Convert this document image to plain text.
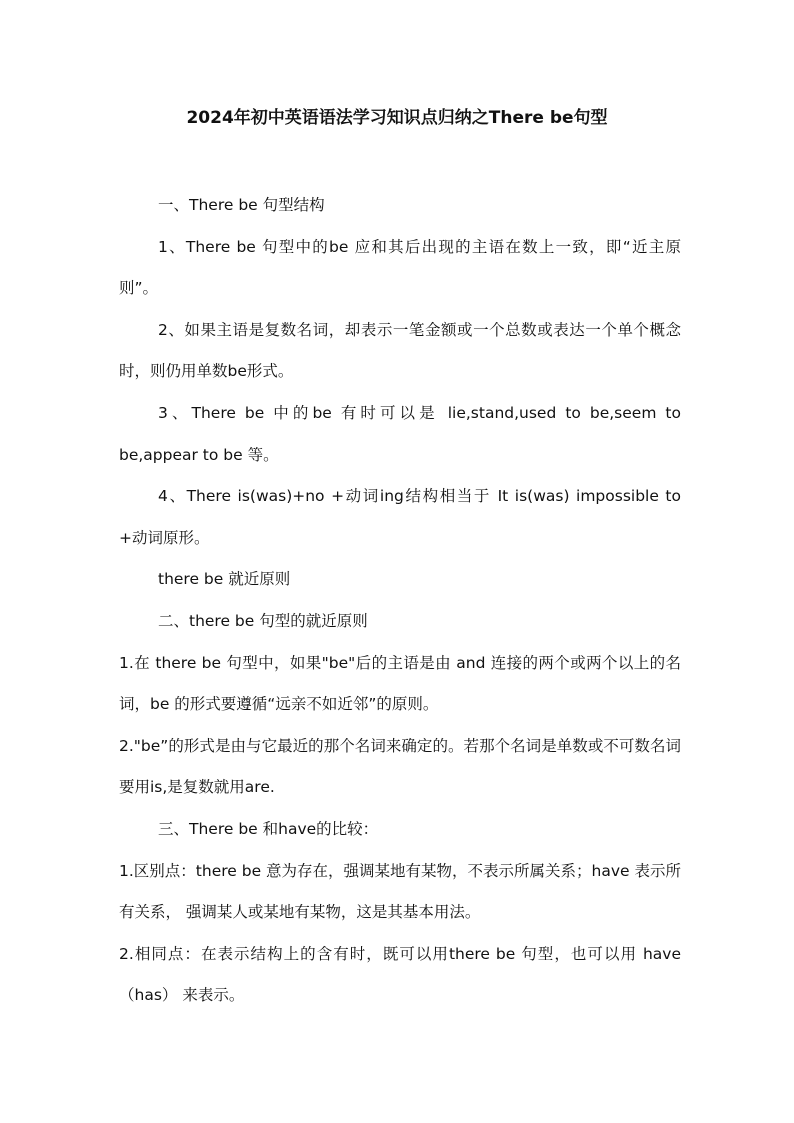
2024年初中英语语法学习知识点归纳之There be句型

一、There be 句型结构

1、There be 句型中的be 应和其后出现的主语在数上一致，即“近主原则”。

2、如果主语是复数名词，却表示一笔金额或一个总数或表达一个单个概念时，则仍用单数be形式。

3、There be 中的be 有时可以是 lie,stand,used to be,seem to be,appear to be 等。

4、There is(was)+no +动词ing结构相当于 It is(was) impossible to +动词原形。

there be 就近原则

二、there be 句型的就近原则

1.在 there be 句型中，如果"be"后的主语是由 and 连接的两个或两个以上的名词，be 的形式要遵循“远亲不如近邻”的原则。

2."be”的形式是由与它最近的那个名词来确定的。若那个名词是单数或不可数名词要用is,是复数就用are.

三、There be 和have的比较：

1.区别点：there be 意为存在，强调某地有某物，不表示所属关系；have 表示所有关系， 强调某人或某地有某物，这是其基本用法。

2.相同点：在表示结构上的含有时，既可以用there be 句型，也可以用 have（has） 来表示。
